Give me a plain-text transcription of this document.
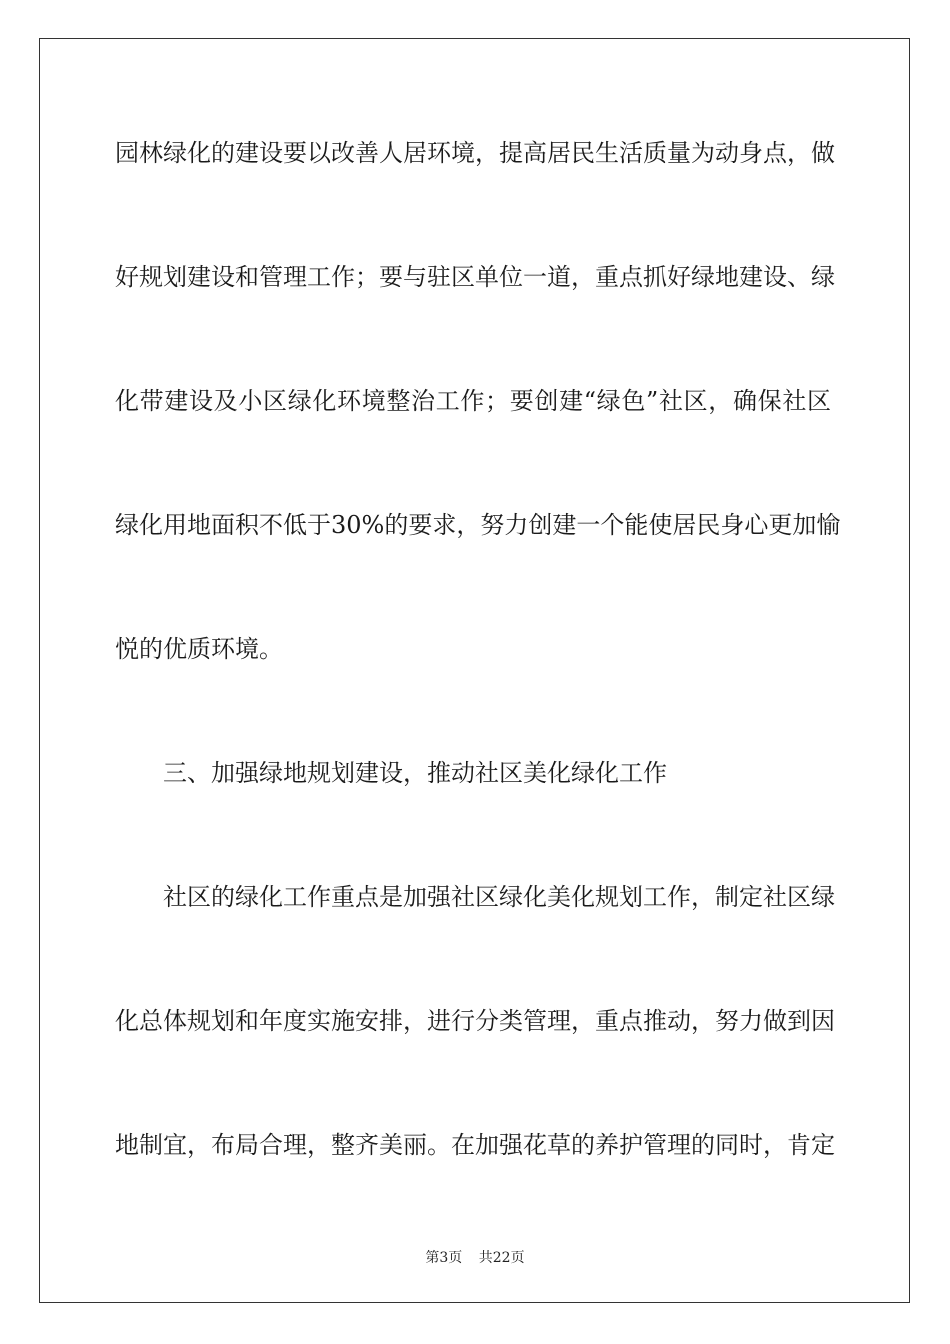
园林绿化的建设要以改善人居环境，提高居民生活质量为动身点，做
好规划建设和管理工作；要与驻区单位一道，重点抓好绿地建设、绿
化带建设及小区绿化环境整治工作；要创建“绿色”社区，确保社区
绿化用地面积不低于30%的要求，努力创建一个能使居民身心更加愉
悦的优质环境。
三、加强绿地规划建设，推动社区美化绿化工作
社区的绿化工作重点是加强社区绿化美化规划工作，制定社区绿
化总体规划和年度实施安排，进行分类管理，重点推动，努力做到因
地制宜，布局合理，整齐美丽。在加强花草的养护管理的同时，肯定
第3页 共22页
